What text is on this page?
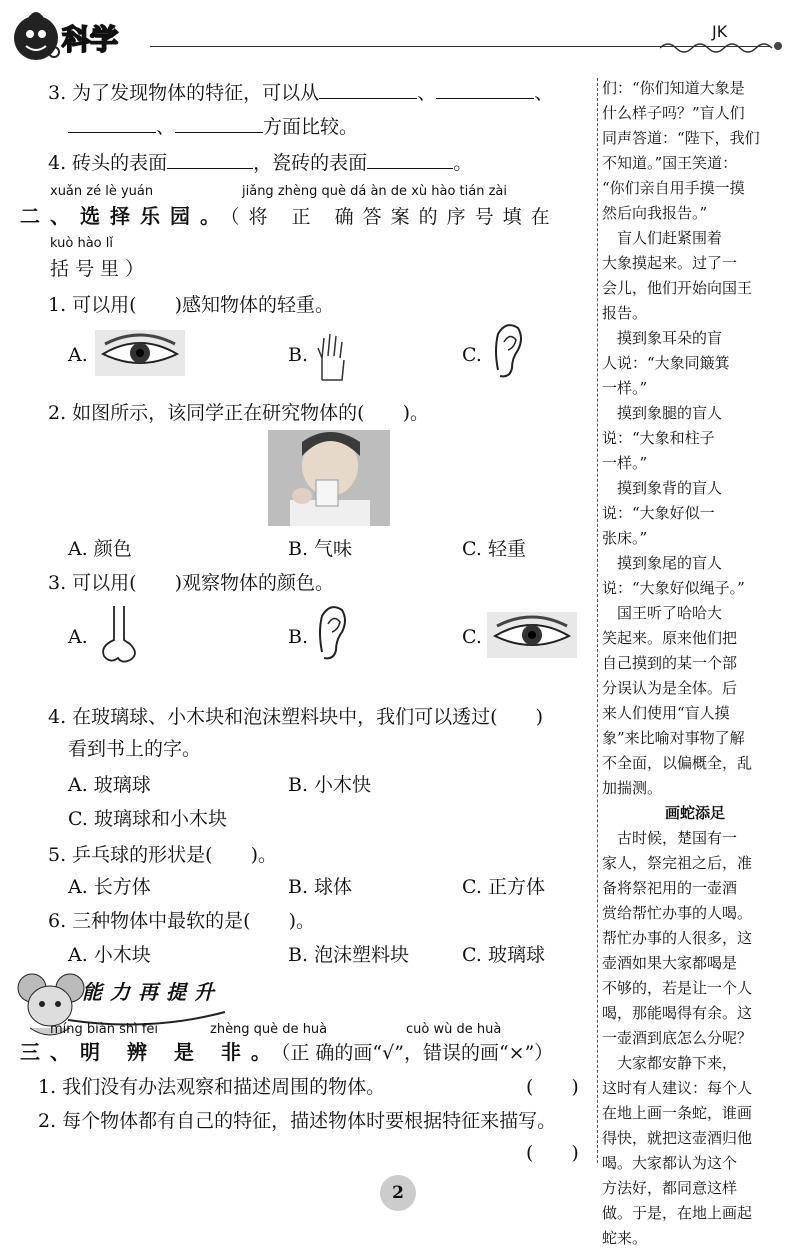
科学	JK
3. 为了发现物体的特征，可以从	、	、
、	方面比较。
4. 砖头的表面	，瓷砖的表面	。
xuǎn zé lè yuán	jiǎng zhèng què dá àn de xù hào tián zài
二、选择乐园。（将 正 确答案的序号填在
kuò hào lǐ
括号里）
1. 可以用(　　)感知物体的轻重。
A.	B.	C.
2. 如图所示，该同学正在研究物体的(　　)。
A. 颜色	B. 气味	C. 轻重
3. 可以用(　　)观察物体的颜色。
A.	B.	C.
4. 在玻璃球、小木块和泡沫塑料块中，我们可以透过(　　)
看到书上的字。
A. 玻璃球	B. 小木快
C. 玻璃球和小木块
5. 乒乓球的形状是(　　)。
A. 长方体	B. 球体	C. 正方体
6. 三种物体中最软的是(　　)。
A. 小木块	B. 泡沫塑料块	C. 玻璃球
能力再提升
míng biàn shì fēi	zhèng què de huà	cuò wù de huà
三、明 辨 是 非。（正 确的画“√”，错误的画“×”）
1. 我们没有办法观察和描述周围的物体。	(　　)
2. 每个物体都有自己的特征，描述物体时要根据特征来描写。
(　　)

们：“你们知道大象是

什么样子吗？”盲人们

同声答道：“陛下，我们

不知道。”国王笑道：

“你们亲自用手摸一摸

然后向我报告。”

　盲人们赶紧围着

大象摸起来。过了一

会儿，他们开始向国王

报告。

　摸到象耳朵的盲

人说：“大象同簸箕

一样。”

　摸到象腿的盲人

说：“大象和柱子

一样。”

　摸到象背的盲人

说：“大象好似一

张床。”

　摸到象尾的盲人

说：“大象好似绳子。”

　国王听了哈哈大

笑起来。原来他们把

自己摸到的某一个部

分误认为是全体。后

来人们使用“盲人摸

象”来比喻对事物了解

不全面，以偏概全，乱

加揣测。

画蛇添足

　古时候，楚国有一

家人，祭完祖之后，准

备将祭祀用的一壶酒

赏给帮忙办事的人喝。

帮忙办事的人很多，这

壶酒如果大家都喝是

不够的，若是让一个人

喝，那能喝得有余。这

一壶酒到底怎么分呢？

　大家都安静下来，

这时有人建议：每个人

在地上画一条蛇，谁画

得快，就把这壶酒归他

喝。大家都认为这个

方法好，都同意这样

做。于是，在地上画起

蛇来。

2
